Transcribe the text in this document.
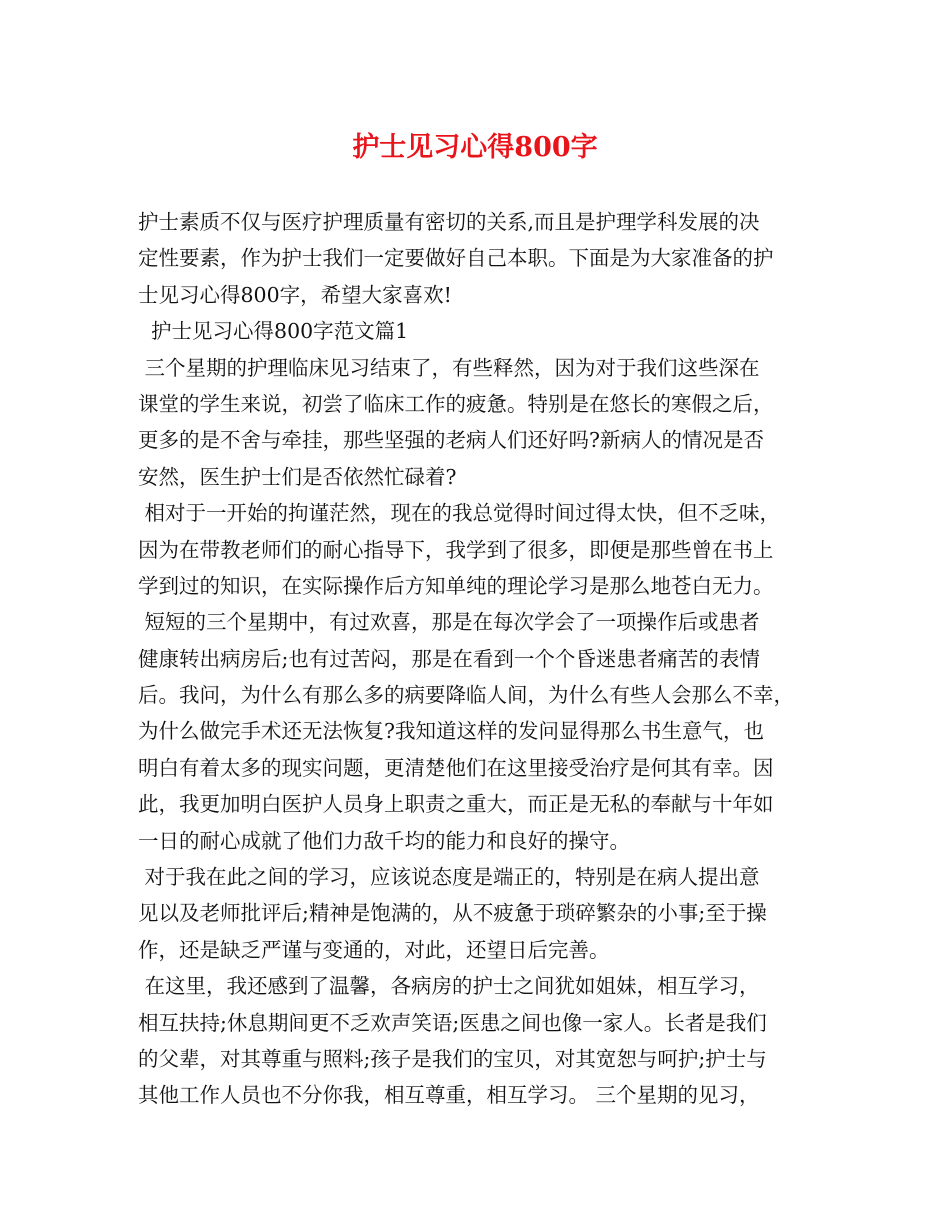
护士见习心得800字
护士素质不仅与医疗护理质量有密切的关系,而且是护理学科发展的决
定性要素，作为护士我们一定要做好自己本职。下面是为大家准备的护
士见习心得800字，希望大家喜欢!
护士见习心得800字范文篇1
三个星期的护理临床见习结束了，有些释然，因为对于我们这些深在
课堂的学生来说，初尝了临床工作的疲惫。特别是在悠长的寒假之后，
更多的是不舍与牵挂，那些坚强的老病人们还好吗?新病人的情况是否
安然，医生护士们是否依然忙碌着?
相对于一开始的拘谨茫然，现在的我总觉得时间过得太快，但不乏味，
因为在带教老师们的耐心指导下，我学到了很多，即便是那些曾在书上
学到过的知识，在实际操作后方知单纯的理论学习是那么地苍白无力。
短短的三个星期中，有过欢喜，那是在每次学会了一项操作后或患者
健康转出病房后;也有过苦闷，那是在看到一个个昏迷患者痛苦的表情
后。我问，为什么有那么多的病要降临人间，为什么有些人会那么不幸，
为什么做完手术还无法恢复?我知道这样的发问显得那么书生意气，也
明白有着太多的现实问题，更清楚他们在这里接受治疗是何其有幸。因
此，我更加明白医护人员身上职责之重大，而正是无私的奉献与十年如
一日的耐心成就了他们力敌千均的能力和良好的操守。
对于我在此之间的学习，应该说态度是端正的，特别是在病人提出意
见以及老师批评后;精神是饱满的，从不疲惫于琐碎繁杂的小事;至于操
作，还是缺乏严谨与变通的，对此，还望日后完善。
在这里，我还感到了温馨，各病房的护士之间犹如姐妹，相互学习，
相互扶持;休息期间更不乏欢声笑语;医患之间也像一家人。长者是我们
的父辈，对其尊重与照料;孩子是我们的宝贝，对其宽恕与呵护;护士与
其他工作人员也不分你我，相互尊重，相互学习。 三个星期的见习，
